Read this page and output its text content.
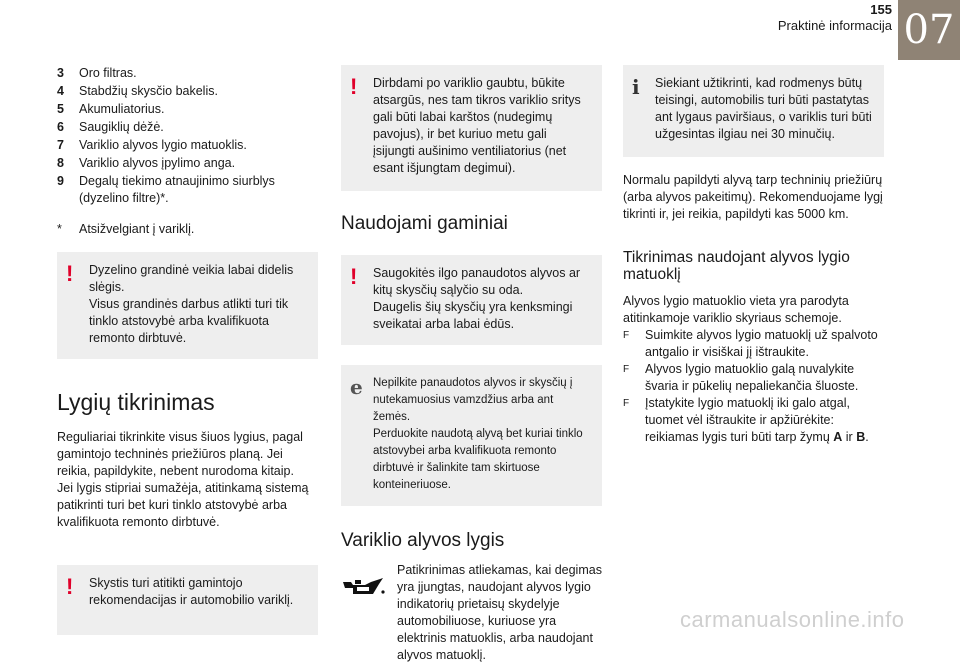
155
Praktinė informacija 07
3	Oro filtras.
4	Stabdžių skysčio bakelis.
5	Akumuliatorius.
6	Saugiklių dėžė.
7	Variklio alyvos lygio matuoklis.
8	Variklio alyvos įpylimo anga.
9	Degalų tiekimo atnaujinimo siurblys (dyzelino filtre)*.
*	Atsižvelgiant į variklį.
! Dyzelino grandinė veikia labai didelis slėgis.

Visus grandinės darbus atlikti turi tik tinklo atstovybė arba kvalifikuota remonto dirbtuvė.

Lygių tikrinimas

Reguliariai tikrinkite visus šiuos lygius, pagal gamintojo techninės priežiūros planą. Jei reikia, papildykite, nebent nurodoma kitaip.

Jei lygis stipriai sumažėja, atitinkamą sistemą patikrinti turi bet kuri tinklo atstovybė arba kvalifikuota remonto dirbtuvė.

! Skystis turi atitikti gamintojo rekomendacijas ir automobilio variklį.

! Dirbdami po variklio gaubtu, būkite atsargūs, nes tam tikros variklio sritys gali būti labai karštos (nudegimų pavojus), ir bet kuriuo metu gali įsijungti aušinimo ventiliatorius (net esant išjungtam degimui).

Naudojami gaminiai
! Saugokitės ilgo panaudotos alyvos ar kitų skysčių sąlyčio su oda.

Daugelis šių skysčių yra kenksmingi sveikatai arba labai ėdūs.

e Nepilkite panaudotos alyvos ir skysčių į nutekamuosius vamzdžius arba ant žemės.

Perduokite naudotą alyvą bet kuriai tinklo atstovybei arba kvalifikuota remonto dirbtuvė ir šalinkite tam skirtuose konteineriuose.

Variklio alyvos lygis

Patikrinimas atliekamas, kai degimas yra įjungtas, naudojant alyvos lygio indikatorių prietaisų skydelyje automobiliuose, kuriuose yra elektrinis matuoklis, arba naudojant alyvos matuoklį.

i Siekiant užtikrinti, kad rodmenys būtų teisingi, automobilis turi būti pastatytas ant lygaus paviršiaus, o variklis turi būti užgesintas ilgiau nei 30 minučių.

Normalu papildyti alyvą tarp techninių priežiūrų (arba alyvos pakeitimų). Rekomenduojame lygį tikrinti ir, jei reikia, papildyti kas 5000 km.

Tikrinimas naudojant alyvos lygio matuoklį

Alyvos lygio matuoklio vieta yra parodyta atitinkamoje variklio skyriaus schemoje.

F	Suimkite alyvos lygio matuoklį už spalvoto antgalio ir visiškai jį ištraukite.
F	Alyvos lygio matuoklio galą nuvalykite švaria ir pūkelių nepaliekančia šluoste.
F	Įstatykite lygio matuoklį iki galo atgal, tuomet vėl ištraukite ir apžiūrėkite:

reikiamas lygis turi būti tarp žymų A ir B.

carmanualsonline.info
